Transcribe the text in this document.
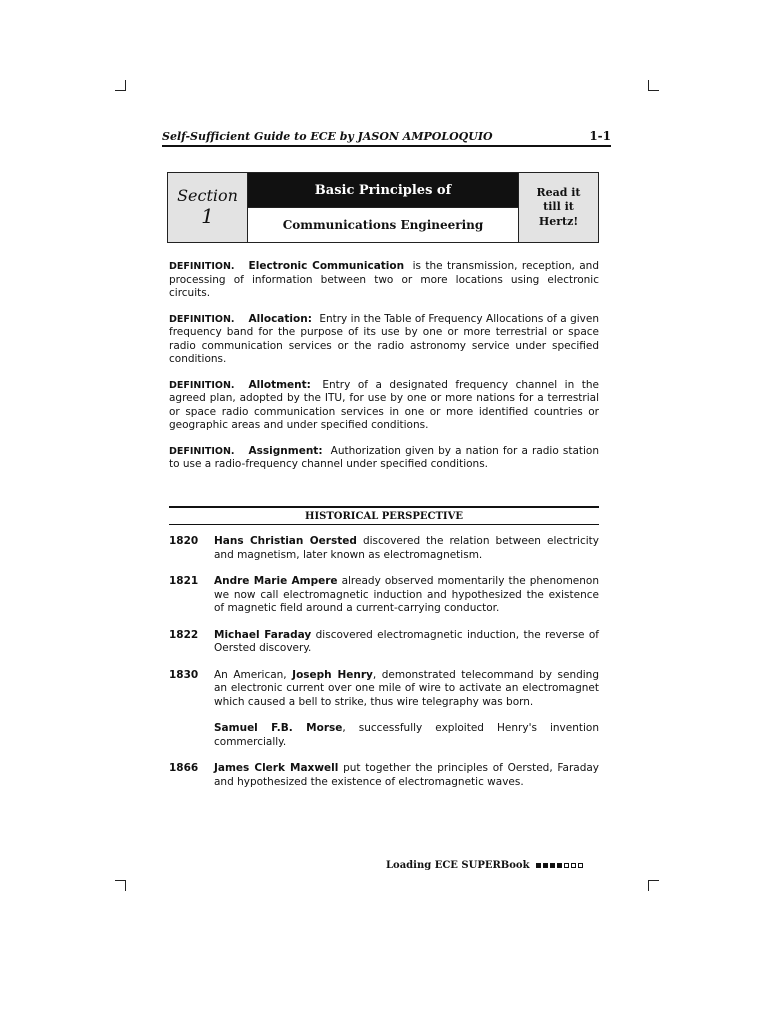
Self-Sufficient Guide to ECE by JASON AMPOLOQUIO	1-1
Section
1
Basic Principles of
Communications Engineering
Read it
till it
Hertz!

DEFINITION. Electronic Communication is the transmission, reception, and processing of information between two or more locations using electronic circuits.

DEFINITION. Allocation: Entry in the Table of Frequency Allocations of a given frequency band for the purpose of its use by one or more terrestrial or space radio communication services or the radio astronomy service under specified conditions.

DEFINITION. Allotment: Entry of a designated frequency channel in the agreed plan, adopted by the ITU, for use by one or more nations for a terrestrial or space radio communication services in one or more identified countries or geographic areas and under specified conditions.

DEFINITION. Assignment: Authorization given by a nation for a radio station to use a radio-frequency channel under specified conditions.

HISTORICAL PERSPECTIVE
1820	Hans Christian Oersted discovered the relation between electricity and magnetism, later known as electromagnetism.
1821	Andre Marie Ampere already observed momentarily the phenomenon we now call electromagnetic induction and hypothesized the existence of magnetic field around a current-carrying conductor.
1822	Michael Faraday discovered electromagnetic induction, the reverse of Oersted discovery.
1830	An American, Joseph Henry, demonstrated telecommand by sending an electronic current over one mile of wire to activate an electromagnet which caused a bell to strike, thus wire telegraphy was born.
Samuel F.B. Morse, successfully exploited Henry's invention commercially.
1866	James Clerk Maxwell put together the principles of Oersted, Faraday and hypothesized the existence of electromagnetic waves.
Loading ECE SUPERBook
